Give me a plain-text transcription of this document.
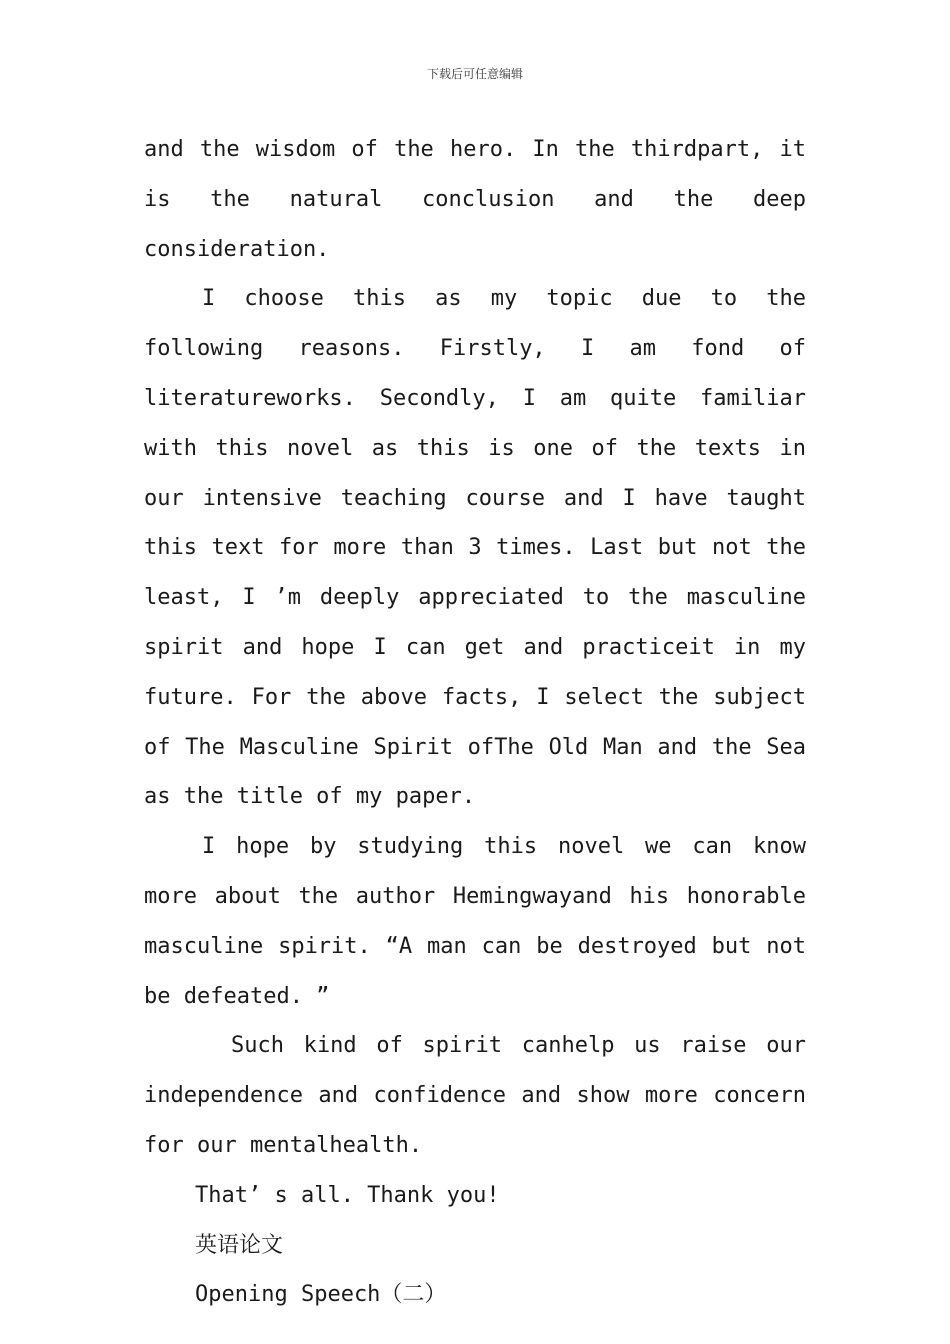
下载后可任意编辑

and the wisdom of the hero. In the thirdpart, it is the natural conclusion and the deep consideration.

I choose this as my topic due to the following reasons. Firstly, I am fond of literatureworks. Secondly, I am quite familiar with this novel as this is one of the texts in our intensive teaching course and I have taught this text for more than 3 times. Last but not the least, I ’m deeply appreciated to the masculine spirit and hope I can get and practiceit in my future. For the above facts, I select the subject of The Masculine Spirit ofThe Old Man and the Sea as the title of my paper.

I hope by studying this novel we can know more about the author Hemingwayand his honorable masculine spirit. “A man can be destroyed but not be defeated. ”

Such kind of spirit canhelp us raise our independence and confidence and show more concern for our mentalhealth.

That’ s all. Thank you!

英语论文

Opening Speech（二）
